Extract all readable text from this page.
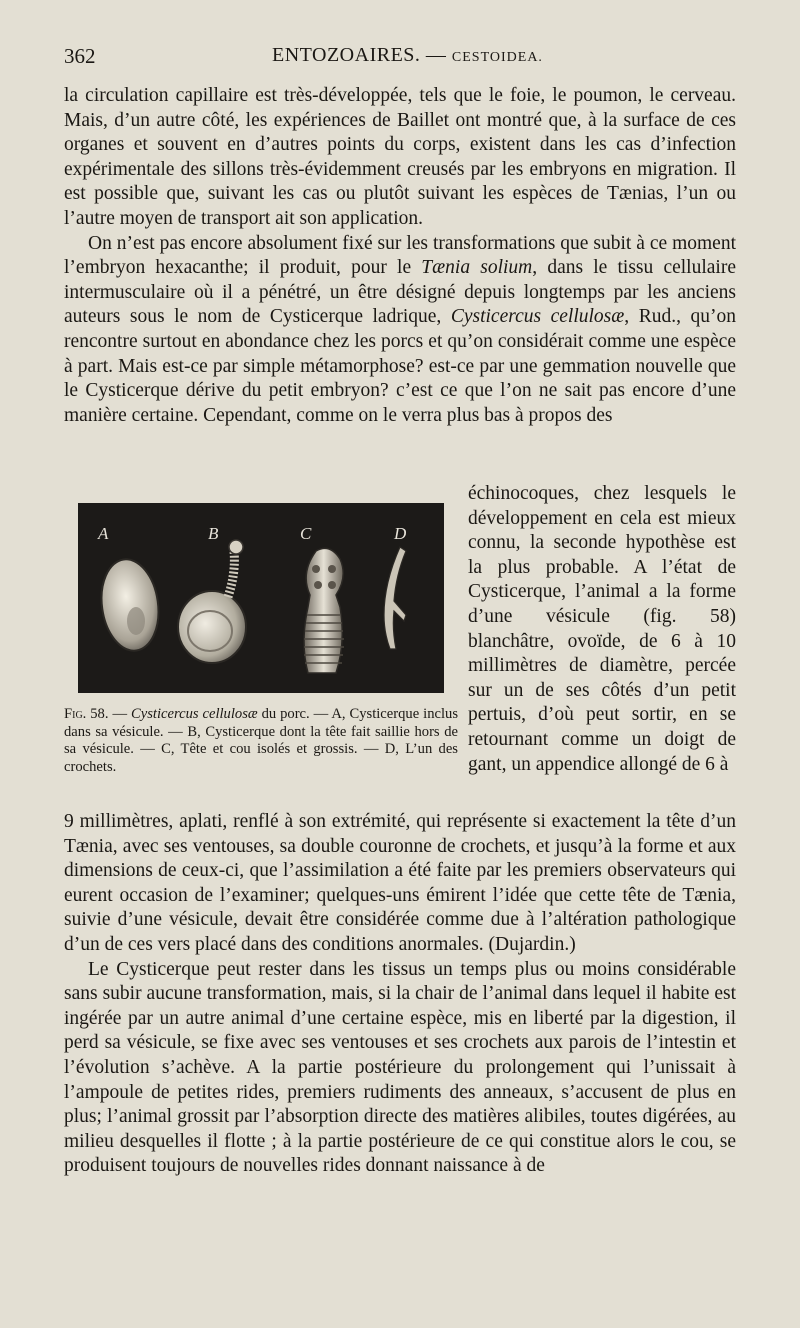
362	ENTOZOAIRES. — CESTOIDEA.

la circulation capillaire est très-développée, tels que le foie, le poumon, le cerveau. Mais, d’un autre côté, les expériences de Baillet ont montré que, à la surface de ces organes et souvent en d’autres points du corps, existent dans les cas d’infection expérimentale des sillons très-évidemment creusés par les embryons en migration. Il est possible que, suivant les cas ou plutôt suivant les espèces de Tænias, l’un ou l’autre moyen de transport ait son application.

On n’est pas encore absolument fixé sur les transformations que subit à ce moment l’embryon hexacanthe; il produit, pour le Tænia solium, dans le tissu cellulaire intermusculaire où il a pénétré, un être désigné depuis longtemps par les anciens auteurs sous le nom de Cysticerque ladrique, Cysticercus cellulosæ, Rud., qu’on rencontre surtout en abondance chez les porcs et qu’on considérait comme une espèce à part. Mais est-ce par simple métamorphose? est-ce par une gemmation nouvelle que le Cysticerque dérive du petit embryon? c’est ce que l’on ne sait pas encore d’une manière certaine. Cependant, comme on le verra plus bas à propos des

A	B	C	D
Fig. 58. — Cysticercus cellulosæ du porc. — A, Cysticerque inclus dans sa vésicule. — B, Cysticerque dont la tête fait saillie hors de sa vésicule. — C, Tête et cou isolés et grossis. — D, L’un des crochets.
échinocoques, chez lesquels le développement en cela est mieux connu, la seconde hypothèse est la plus probable. A l’état de Cysticerque, l’animal a la forme d’une vésicule (fig. 58) blanchâtre, ovoïde, de 6 à 10 millimètres de diamètre, percée sur un de ses côtés d’un petit pertuis, d’où peut sortir, en se retournant comme un doigt de gant, un appendice allongé de 6 à

9 millimètres, aplati, renflé à son extrémité, qui représente si exactement la tête d’un Tænia, avec ses ventouses, sa double couronne de crochets, et jusqu’à la forme et aux dimensions de ceux-ci, que l’assimilation a été faite par les premiers observateurs qui eurent occasion de l’examiner; quelques-uns émirent l’idée que cette tête de Tænia, suivie d’une vésicule, devait être considérée comme due à l’altération pathologique d’un de ces vers placé dans des conditions anormales. (Dujardin.)

Le Cysticerque peut rester dans les tissus un temps plus ou moins considérable sans subir aucune transformation, mais, si la chair de l’animal dans lequel il habite est ingérée par un autre animal d’une certaine espèce, mis en liberté par la digestion, il perd sa vésicule, se fixe avec ses ventouses et ses crochets aux parois de l’intestin et l’évolution s’achève. A la partie postérieure du prolongement qui l’unissait à l’ampoule de petites rides, premiers rudiments des anneaux, s’accusent de plus en plus; l’animal grossit par l’absorption directe des matières alibiles, toutes digérées, au milieu desquelles il flotte ; à la partie postérieure de ce qui constitue alors le cou, se produisent toujours de nouvelles rides donnant naissance à de
